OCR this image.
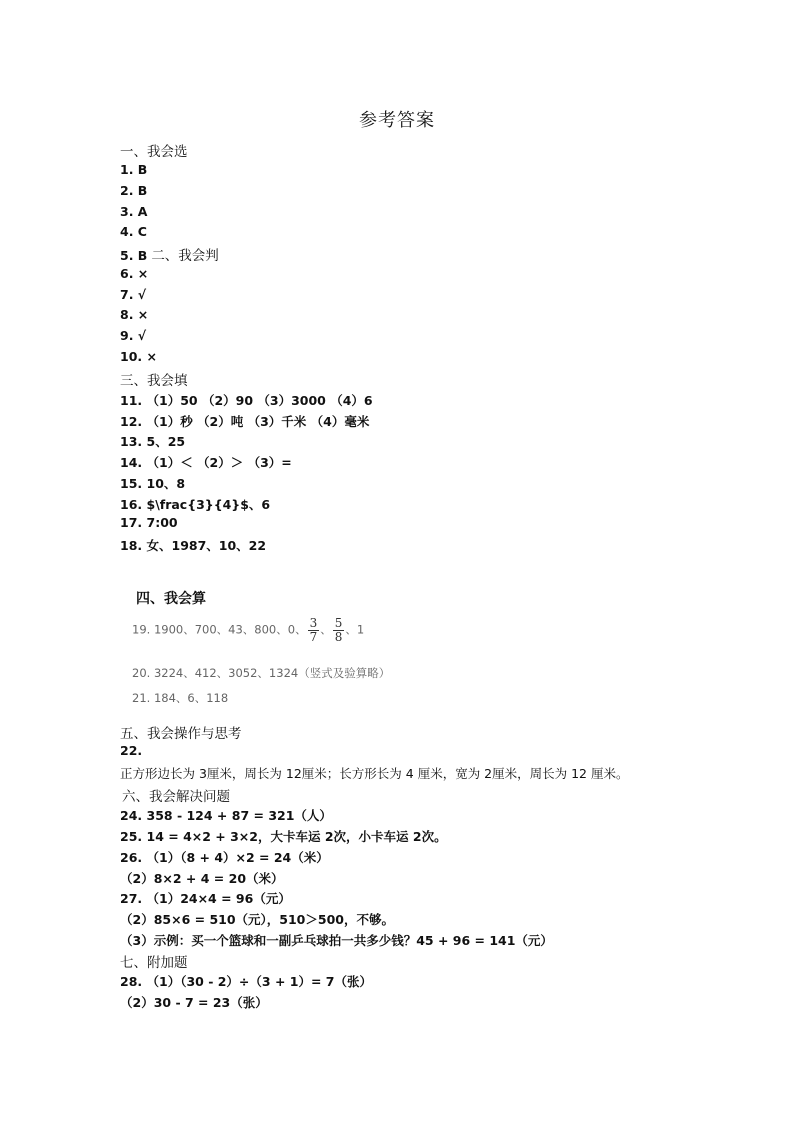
参考答案
一、我会选
1. B
2. B
3. A
4. C
5. B 二、我会判
6. ×
7. √
8. ×
9. √
10. ×
三、我会填
11. （1）50 （2）90 （3）3000 （4）6
12. （1）秒 （2）吨 （3）千米 （4）毫米
13. 5、25
14. （1）＜ （2）＞ （3）=
15. 10、8
16. $\frac{3}{4}$、6
17. 7:00
18. 女、1987、10、22
四、我会算
19. 1900、700、43、800、0、 $\frac{3}{7}$ 、 $\frac{5}{8}$ 、1
20. 3224、412、3052、1324（竖式及验算略）
21. 184、6、118
五、我会操作与思考
22.
正方形边长为 3厘米，周长为 12厘米；长方形长为 4 厘米，宽为 2厘米，周长为 12 厘米。
六、我会解决问题
24. 358 - 124 + 87 = 321（人）
25. 14 = 4×2 + 3×2，大卡车运 2次，小卡车运 2次。
26. （1）（8 + 4）×2 = 24（米）
（2）8×2 + 4 = 20（米）
27. （1）24×4 = 96（元）
（2）85×6 = 510（元），510＞500，不够。
（3）示例：买一个篮球和一副乒乓球拍一共多少钱？45 + 96 = 141（元）
七、附加题
28. （1）（30 - 2）÷（3 + 1）= 7（张）
（2）30 - 7 = 23（张）
